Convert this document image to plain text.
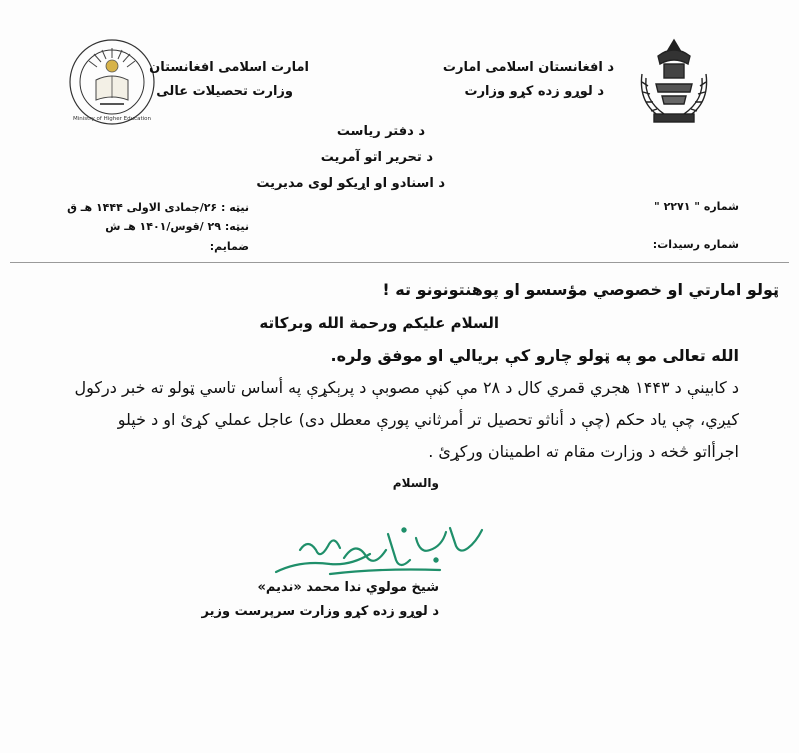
Ministry of Higher Education
د افغانستان اسلامی امارت
د لوړو زده کړو وزارت
امارت اسلامی افغانستان
وزارت تحصیلات عالی
د دفتر ریاست
د تحریر اتو آمریت
د اسنادو او اړیکو لوی مدیریت
شماره " ۲۲۷۱ "
شماره رسیدات:
نیټه : ۲۶/جمادی الاولی ۱۴۴۴ هـ ق
نیټه: ۲۹ /قوس/۱۴۰۱ هـ ش
ضمایم:
ټولو امارتي او خصوصي مؤسسو او پوهنتونونو ته !
السلام علیکم ورحمة الله وبرکاته
الله تعالی مو په ټولو چارو کې بریالي او موفق ولره.
د کابینې د ۱۴۴۳ هجري قمري کال د ۲۸ مې کڼې مصوبې د پرېکړې په أساس تاسي ټولو ته خبر درکول
کیږي، چې یاد حکم (چې د أناثو تحصیل تر أمرثاني پورې معطل دی) عاجل عملي کړئ او د خپلو
اجرأاتو څخه د وزارت مقام ته اطمینان ورکړئ .
والسلام
شیخ مولوي ندا محمد «ندیم»
د لوړو زده کړو وزارت سرپرست وزیر
